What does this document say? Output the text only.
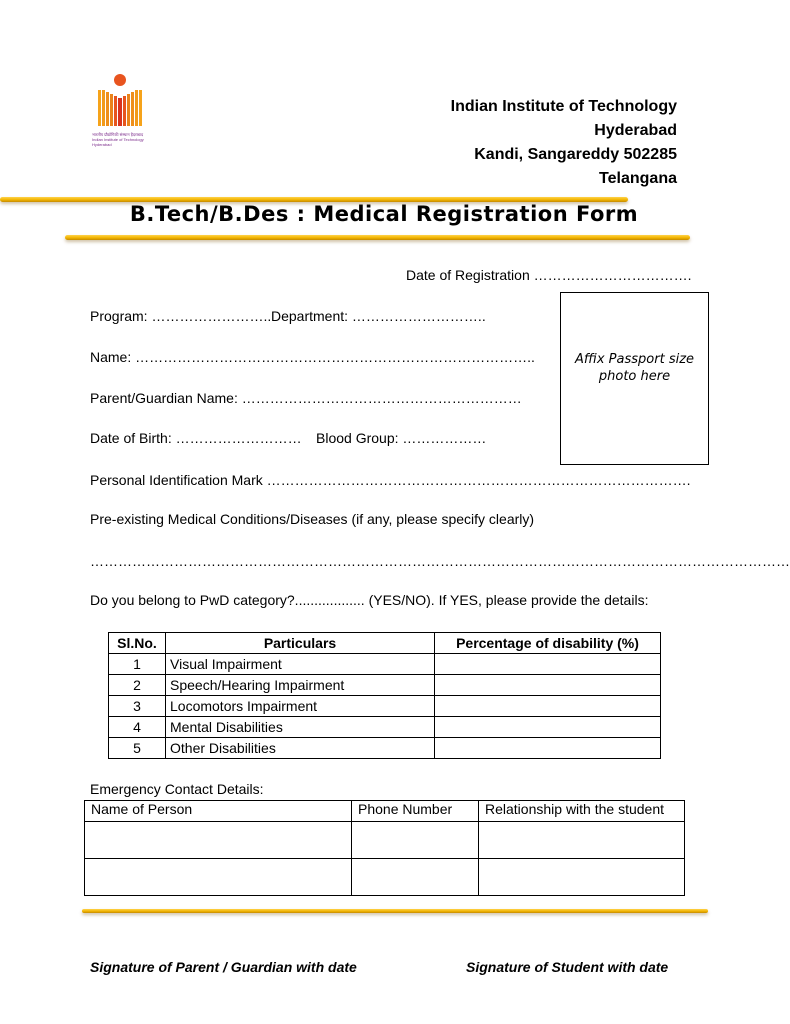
भारतीय प्रौद्योगिकी संस्थान हैदराबाद Indian Institute of Technology Hyderabad
Indian Institute of Technology
Hyderabad
Kandi, Sangareddy 502285
Telangana
B.Tech/B.Des : Medical Registration Form
Date of Registration …………………………….
Program: …………………….. Department: ………………………..
Name: …………………………………………………………………………..
Parent/Guardian Name: ……………………………………………………
Date of Birth: ……………………… Blood Group: ………………
Personal Identification Mark ……………………………………………………………………………….
Pre-existing Medical Conditions/Diseases (if any, please specify clearly)
……………………………………………………………………………………………………………………………………
Do you belong to PwD category?.................. (YES/NO). If YES, please provide the details:
Affix Passport size
photo here
Sl.No.	Particulars	Percentage of disability (%)
1	Visual Impairment	
2	Speech/Hearing Impairment	
3	Locomotors Impairment	
4	Mental Disabilities	
5	Other Disabilities	
Emergency Contact Details:
Name of Person	Phone Number	Relationship with the student

Signature of Parent / Guardian with date	Signature of Student with date
